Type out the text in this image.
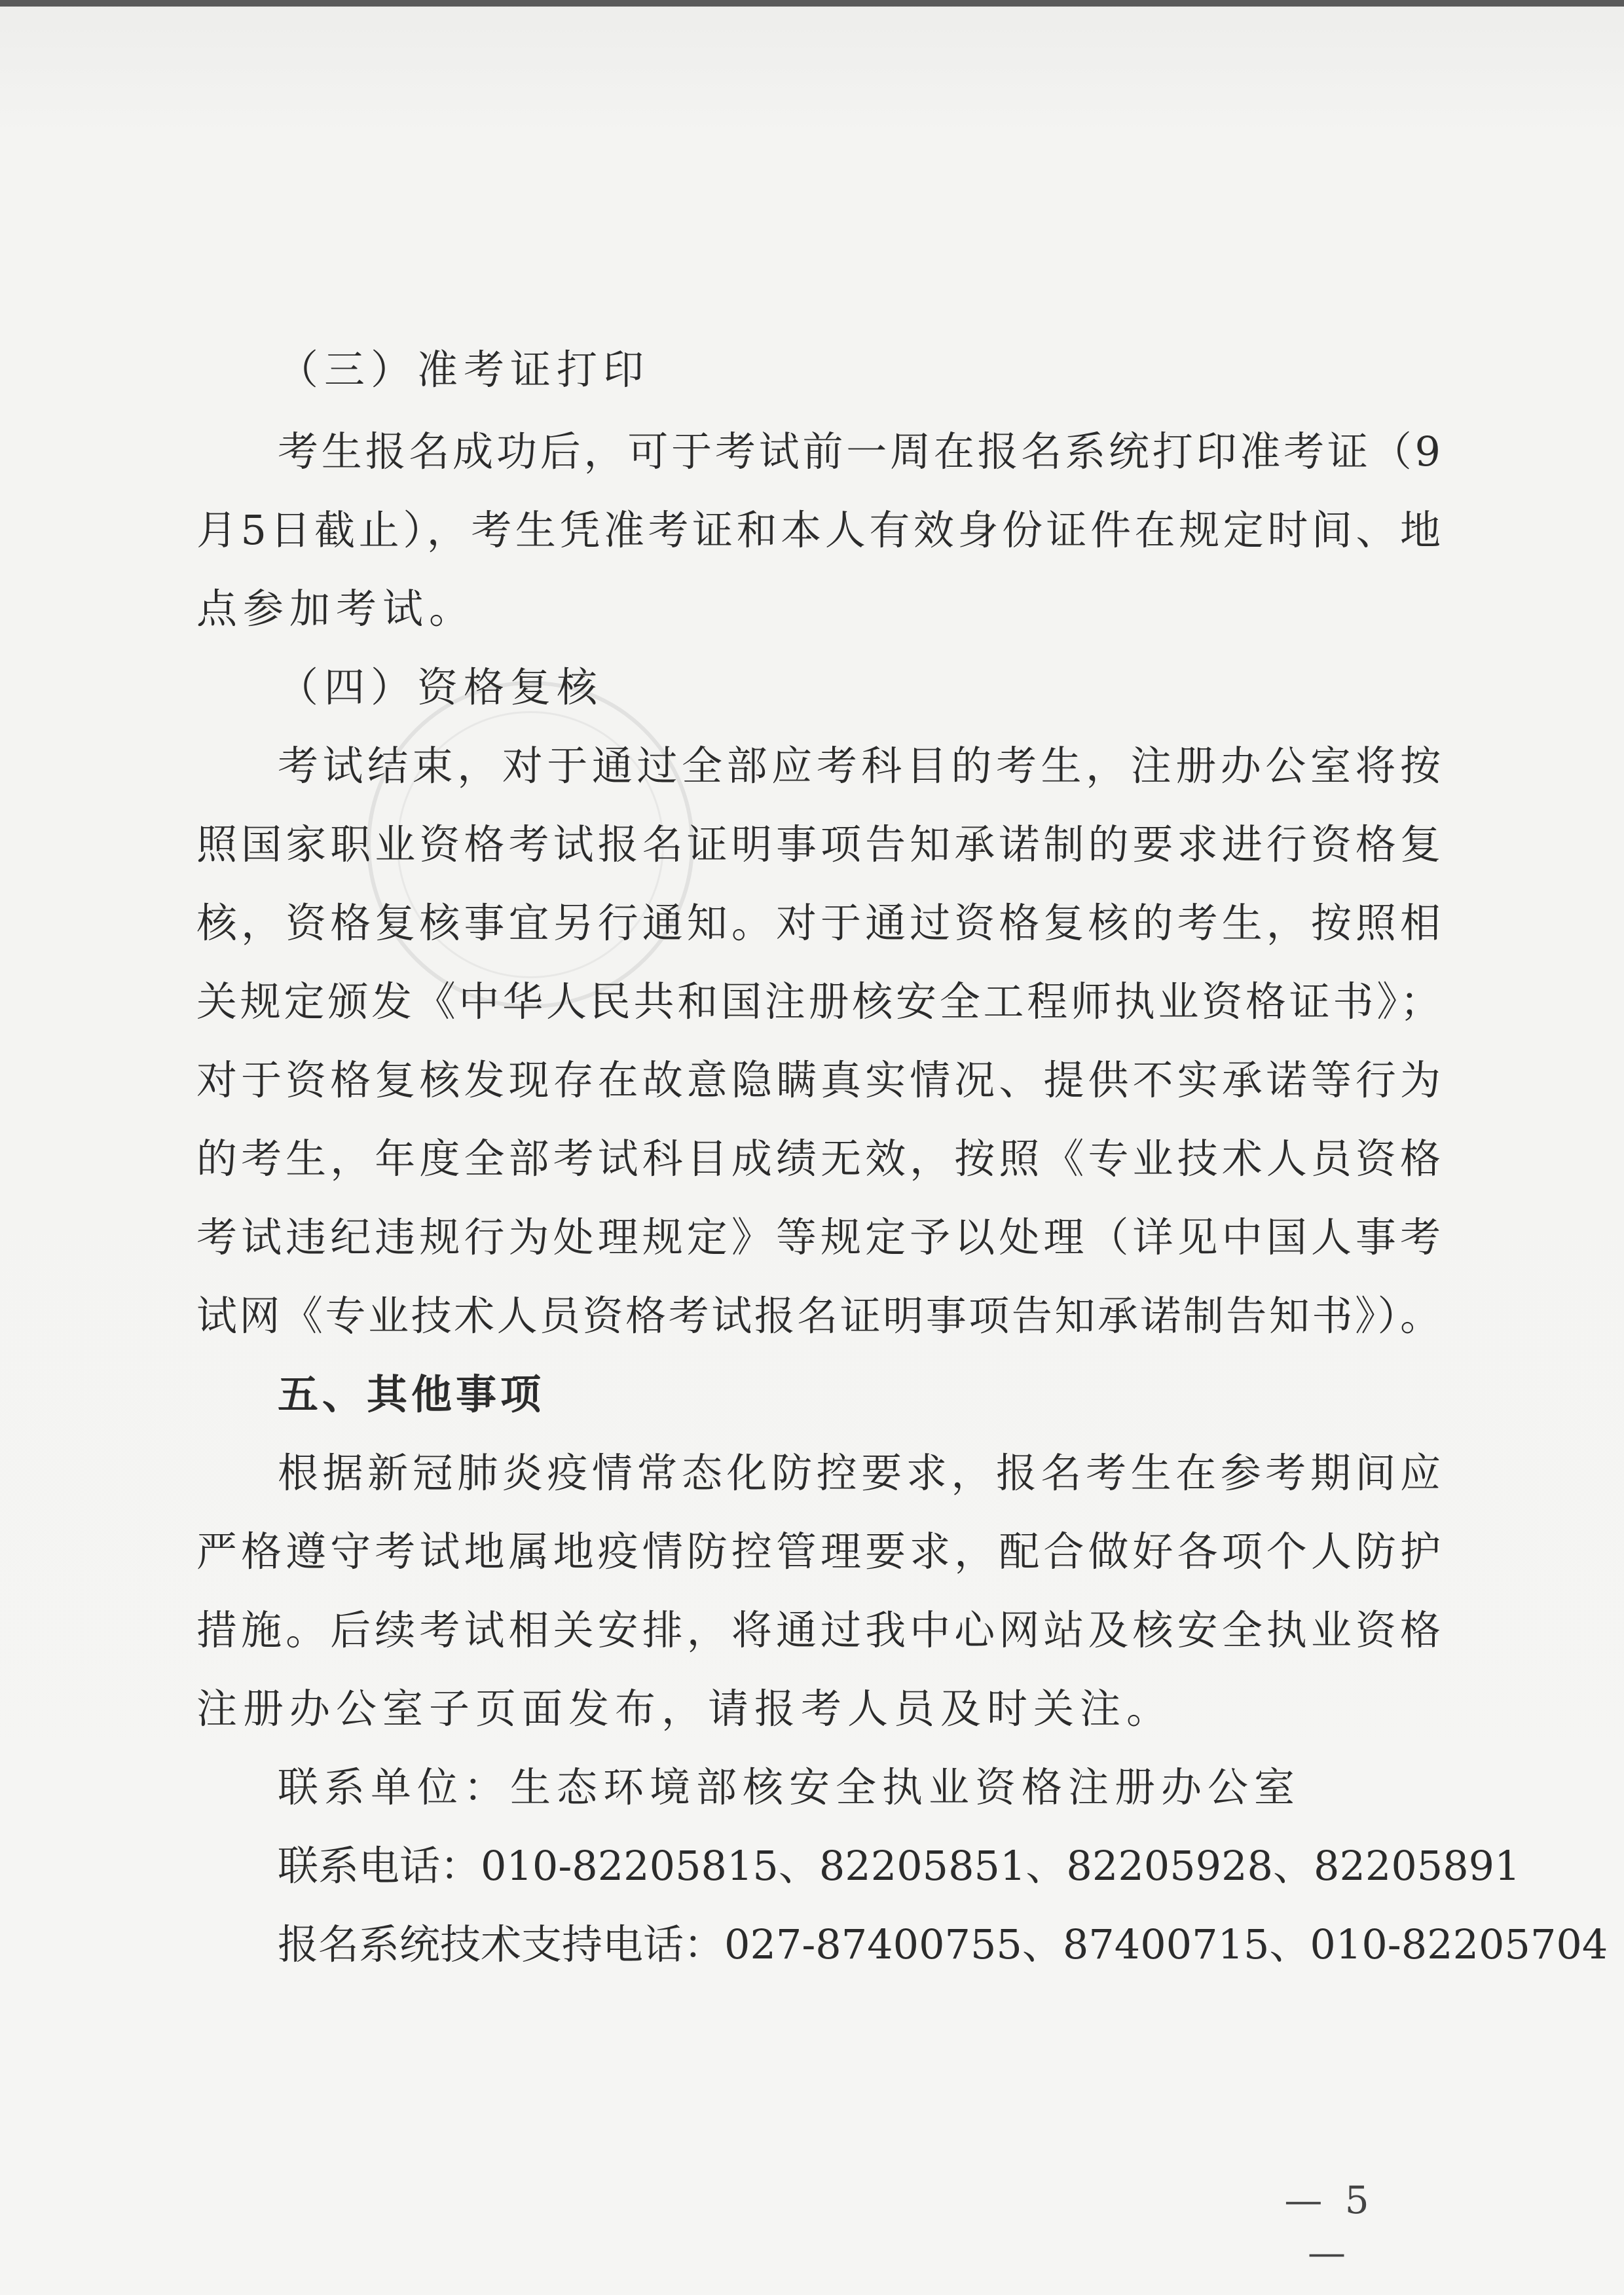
（三）准考证打印
考生报名成功后，可于考试前一周在报名系统打印准考证（9
月5日截止），考生凭准考证和本人有效身份证件在规定时间、地
点参加考试。
（四）资格复核
考试结束，对于通过全部应考科目的考生，注册办公室将按
照国家职业资格考试报名证明事项告知承诺制的要求进行资格复
核，资格复核事宜另行通知。对于通过资格复核的考生，按照相
关规定颁发《中华人民共和国注册核安全工程师执业资格证书》；
对于资格复核发现存在故意隐瞒真实情况、提供不实承诺等行为
的考生，年度全部考试科目成绩无效，按照《专业技术人员资格
考试违纪违规行为处理规定》等规定予以处理（详见中国人事考
试网《专业技术人员资格考试报名证明事项告知承诺制告知书》）。
五、其他事项
根据新冠肺炎疫情常态化防控要求，报名考生在参考期间应
严格遵守考试地属地疫情防控管理要求，配合做好各项个人防护
措施。后续考试相关安排，将通过我中心网站及核安全执业资格
注册办公室子页面发布，请报考人员及时关注。
联系单位：生态环境部核安全执业资格注册办公室
联系电话：010-82205815、82205851、82205928、82205891
报名系统技术支持电话：027-87400755、87400715、010-82205704
— 5 —
